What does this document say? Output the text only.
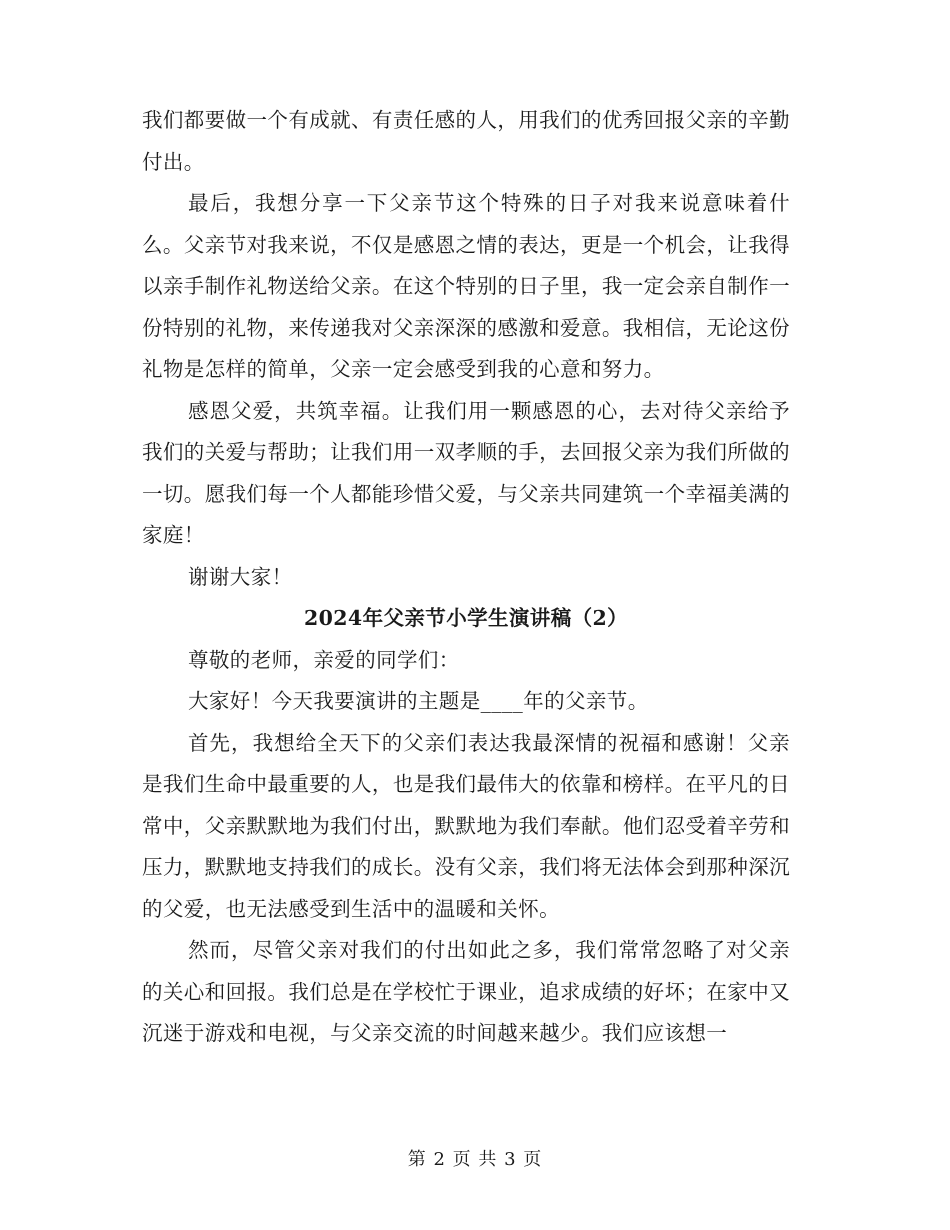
我们都要做一个有成就、有责任感的人，用我们的优秀回报父亲的辛勤付出。

最后，我想分享一下父亲节这个特殊的日子对我来说意味着什么。父亲节对我来说，不仅是感恩之情的表达，更是一个机会，让我得以亲手制作礼物送给父亲。在这个特别的日子里，我一定会亲自制作一份特别的礼物，来传递我对父亲深深的感激和爱意。我相信，无论这份礼物是怎样的简单，父亲一定会感受到我的心意和努力。

感恩父爱，共筑幸福。让我们用一颗感恩的心，去对待父亲给予我们的关爱与帮助；让我们用一双孝顺的手，去回报父亲为我们所做的一切。愿我们每一个人都能珍惜父爱，与父亲共同建筑一个幸福美满的家庭！

谢谢大家！

2024年父亲节小学生演讲稿（2）

尊敬的老师，亲爱的同学们：

大家好！今天我要演讲的主题是____年的父亲节。

首先，我想给全天下的父亲们表达我最深情的祝福和感谢！父亲是我们生命中最重要的人，也是我们最伟大的依靠和榜样。在平凡的日常中，父亲默默地为我们付出，默默地为我们奉献。他们忍受着辛劳和压力，默默地支持我们的成长。没有父亲，我们将无法体会到那种深沉的父爱，也无法感受到生活中的温暖和关怀。

然而，尽管父亲对我们的付出如此之多，我们常常忽略了对父亲的关心和回报。我们总是在学校忙于课业，追求成绩的好坏；在家中又沉迷于游戏和电视，与父亲交流的时间越来越少。我们应该想一

第 2 页 共 3 页
